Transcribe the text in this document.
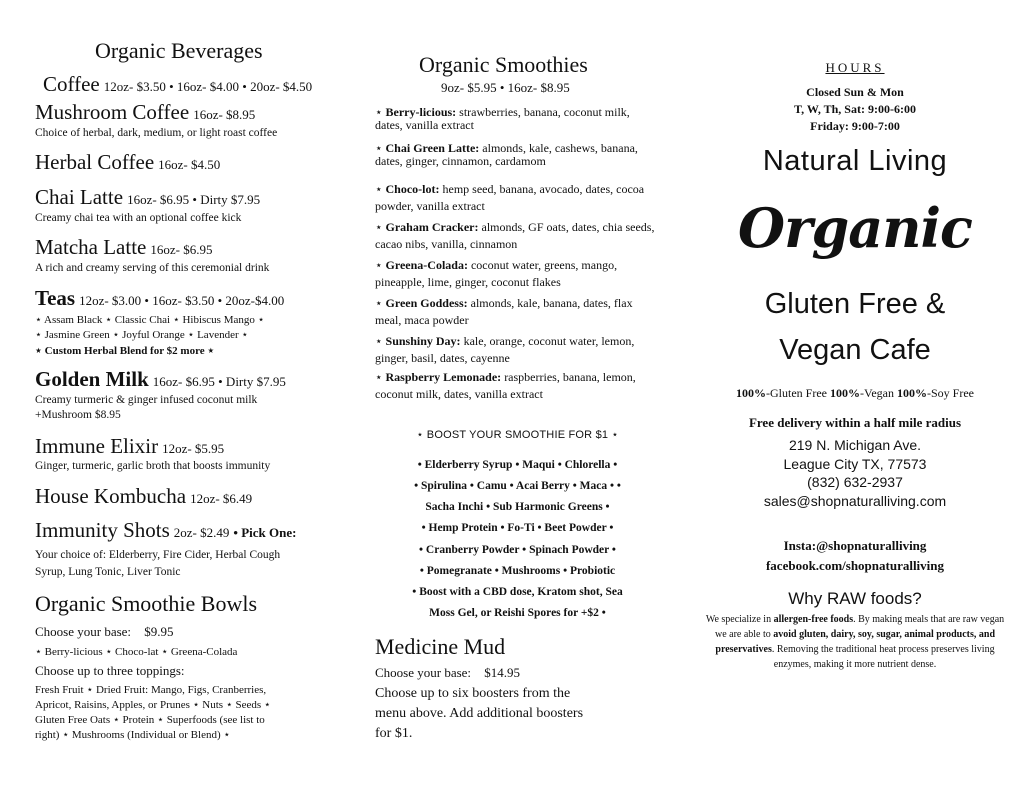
Organic Beverages
Coffee 12oz- $3.50 • 16oz- $4.00 • 20oz- $4.50
Mushroom Coffee 16oz- $8.95
Choice of herbal, dark, medium, or light roast coffee
Herbal Coffee 16oz- $4.50
Chai Latte 16oz- $6.95 • Dirty $7.95
Creamy chai tea with an optional coffee kick
Matcha Latte 16oz- $6.95
A rich and creamy serving of this ceremonial drink
Teas 12oz- $3.00 • 16oz- $3.50 • 20oz-$4.00
⋆ Assam Black ⋆ Classic Chai ⋆ Hibiscus Mango ⋆
⋆ Jasmine Green ⋆ Joyful Orange ⋆ Lavender ⋆
⋆ Custom Herbal Blend for $2 more ⋆
Golden Milk 16oz- $6.95 • Dirty $7.95
Creamy turmeric & ginger infused coconut milk
+Mushroom $8.95
Immune Elixir 12oz- $5.95
Ginger, turmeric, garlic broth that boosts immunity
House Kombucha 12oz- $6.49
Immunity Shots 2oz- $2.49 • Pick One:
Your choice of: Elderberry, Fire Cider, Herbal Cough
Syrup, Lung Tonic, Liver Tonic
Organic Smoothie Bowls
Choose your base: $9.95
⋆ Berry-licious ⋆ Choco-lat ⋆ Greena-Colada
Choose up to three toppings:
Fresh Fruit ⋆ Dried Fruit: Mango, Figs, Cranberries,
Apricot, Raisins, Apples, or Prunes ⋆ Nuts ⋆ Seeds ⋆
Gluten Free Oats ⋆ Protein ⋆ Superfoods (see list to
right) ⋆ Mushrooms (Individual or Blend) ⋆
Organic Smoothies
9oz- $5.95 • 16oz- $8.95
⋆ Berry-licious: strawberries, banana, coconut milk, dates, vanilla extract
⋆ Chai Green Latte: almonds, kale, cashews, banana, dates, ginger, cinnamon, cardamom
⋆ Choco-lot: hemp seed, banana, avocado, dates, cocoa powder, vanilla extract
⋆ Graham Cracker: almonds, GF oats, dates, chia seeds, cacao nibs, vanilla, cinnamon
⋆ Greena-Colada: coconut water, greens, mango, pineapple, lime, ginger, coconut flakes
⋆ Green Goddess: almonds, kale, banana, dates, flax meal, maca powder
⋆ Sunshiny Day: kale, orange, coconut water, lemon, ginger, basil, dates, cayenne
⋆ Raspberry Lemonade: raspberries, banana, lemon, coconut milk, dates, vanilla extract
⋆ BOOST YOUR SMOOTHIE FOR $1 ⋆
• Elderberry Syrup • Maqui • Chlorella •
• Spirulina • Camu • Acai Berry • Maca • •
Sacha Inchi • Sub Harmonic Greens •
• Hemp Protein • Fo-Ti • Beet Powder •
• Cranberry Powder • Spinach Powder •
• Pomegranate • Mushrooms • Probiotic
• Boost with a CBD dose, Kratom shot, Sea
Moss Gel, or Reishi Spores for +$2 •
Medicine Mud
Choose your base: $14.95
Choose up to six boosters from the
menu above. Add additional boosters
for $1.
HOURS
Closed Sun & Mon
T, W, Th, Sat: 9:00-6:00
Friday: 9:00-7:00
Natural Living
Organic
Gluten Free &
Vegan Cafe
100%-Gluten Free 100%-Vegan 100%-Soy Free
Free delivery within a half mile radius
219 N. Michigan Ave.
League City TX, 77573
(832) 632-2937
sales@shopnaturalliving.com
Insta:@shopnaturalliving
facebook.com/shopnaturalliving
Why RAW foods?
We specialize in allergen-free foods. By making meals that are raw vegan we are able to avoid gluten, dairy, soy, sugar, animal products, and preservatives. Removing the traditional heat process preserves living enzymes, making it more nutrient dense.
